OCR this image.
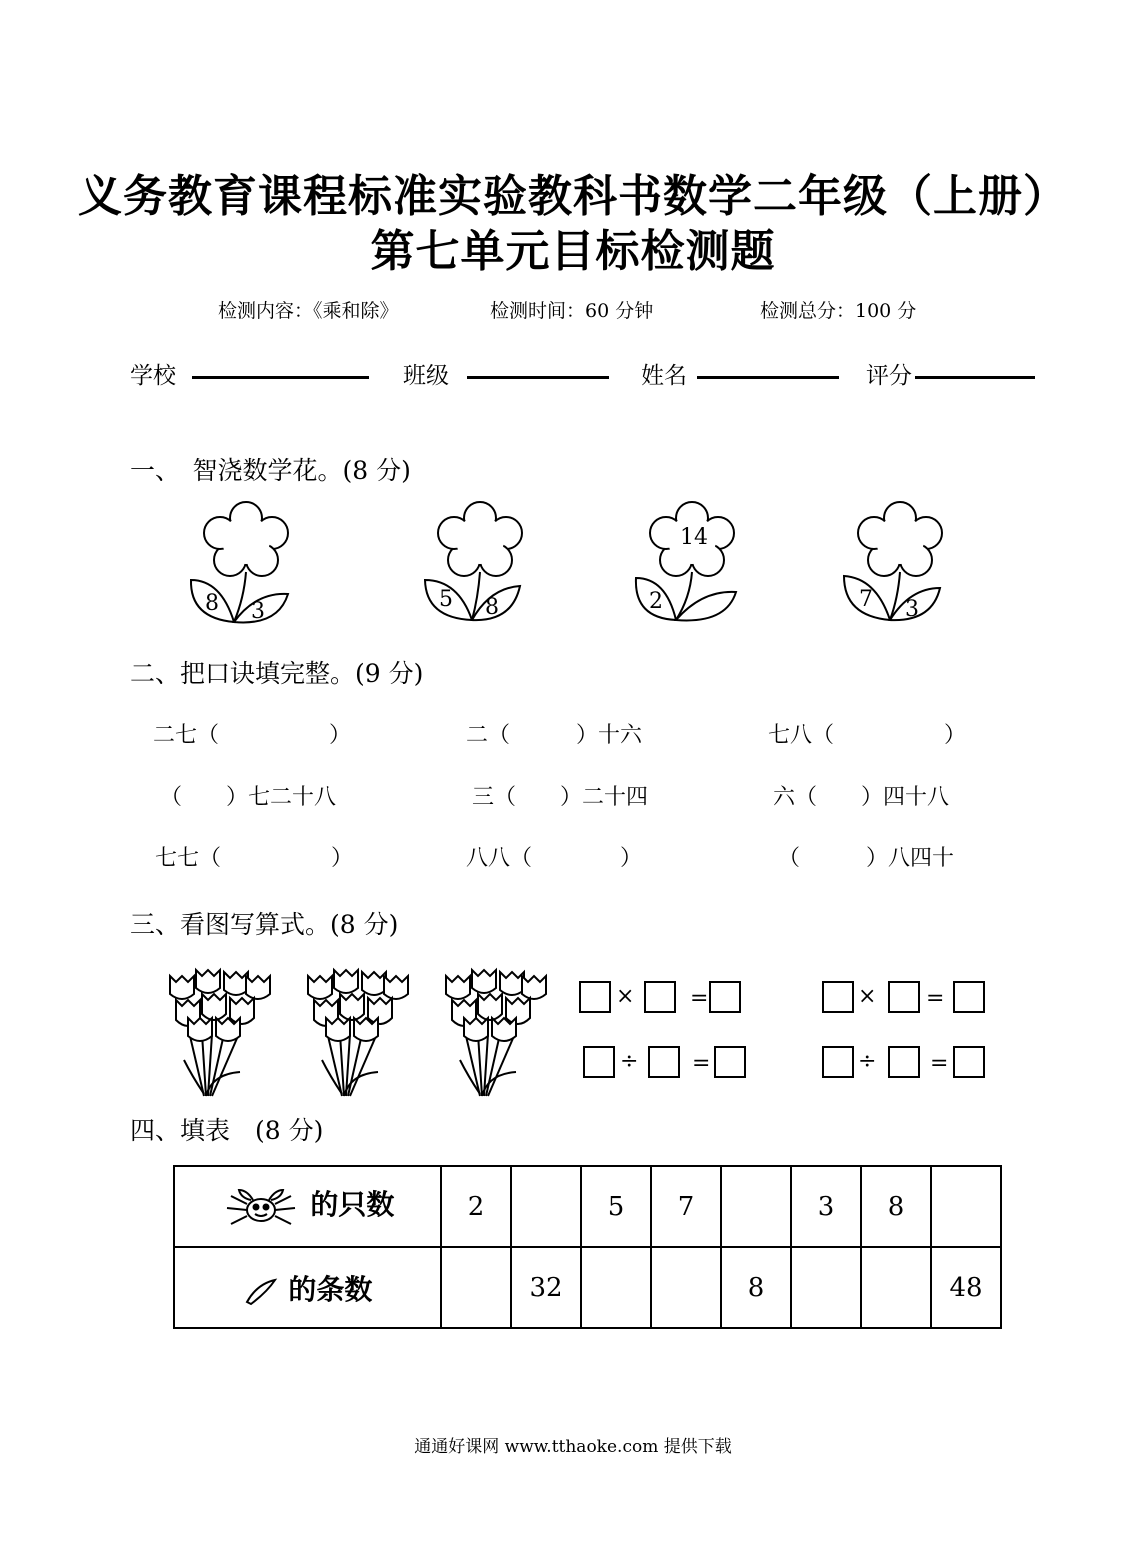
义务教育课程标准实验教科书数学二年级（上册）
第七单元目标检测题
检测内容：《乘和除》	检测时间：60 分钟	检测总分：100 分
学校	班级	姓名	评分
一、　智浇数学花。(8 分)
8 3	5 8	2
14
7 3
二、把口诀填完整。(9 分)
二七（　　　　　）	二（　　　）十六	七八（　　　　　）
（　　）七二十八	三（　　）二十四	六（　　）四十八
七七（　　　　　）	八八（　　　　）	（　　　）八四十
三、看图写算式。(8 分)
×	=
÷ =
× =
÷ =
四、填表　(8 分)
的只数	2		5	7		3	8	
的条数		32			8			48
通通好课网 www.tthaoke.com 提供下载
